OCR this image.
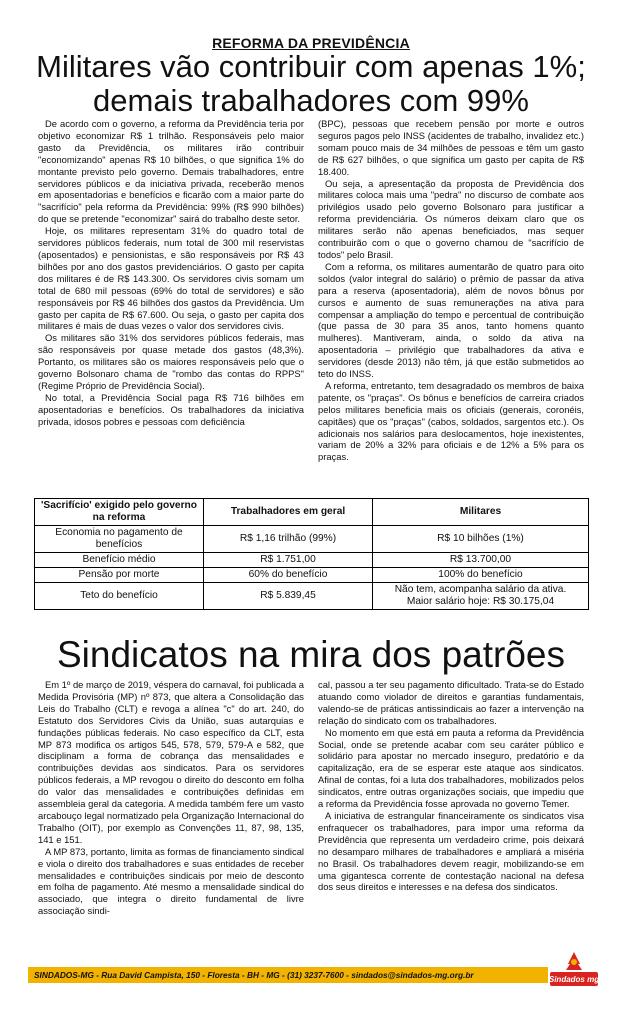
REFORMA DA PREVIDÊNCIA
Militares vão contribuir com apenas 1%; demais trabalhadores com 99%

De acordo com o governo, a reforma da Previdência teria por objetivo economizar R$ 1 trilhão. Responsáveis pelo maior gasto da Previdência, os militares irão contribuir "economizando" apenas R$ 10 bilhões, o que significa 1% do montante previsto pelo governo. Demais trabalhadores, entre servidores públicos e da iniciativa privada, receberão menos em aposentadorias e benefícios e ficarão com a maior parte do "sacrifício" pela reforma da Previdência: 99% (R$ 990 bilhões) do que se pretende "economizar" sairá do trabalho deste setor.

Hoje, os militares representam 31% do quadro total de servidores públicos federais, num total de 300 mil reservistas (aposentados) e pensionistas, e são responsáveis por R$ 43 bilhões por ano dos gastos previdenciários. O gasto per capita dos militares é de R$ 143.300. Os servidores civis somam um total de 680 mil pessoas (69% do total de servidores) e são responsáveis por R$ 46 bilhões dos gastos da Previdência. Um gasto per capita de R$ 67.600. Ou seja, o gasto per capita dos militares é mais de duas vezes o valor dos servidores civis.

Os militares são 31% dos servidores públicos federais, mas são responsáveis por quase metade dos gastos (48,3%). Portanto, os militares são os maiores responsáveis pelo que o governo Bolsonaro chama de "rombo das contas do RPPS" (Regime Próprio de Previdência Social).

No total, a Previdência Social paga R$ 716 bilhões em aposentadorias e benefícios. Os trabalhadores da iniciativa privada, idosos pobres e pessoas com deficiência

(BPC), pessoas que recebem pensão por morte e outros seguros pagos pelo INSS (acidentes de trabalho, invalidez etc.) somam pouco mais de 34 milhões de pessoas e têm um gasto de R$ 627 bilhões, o que significa um gasto per capita de R$ 18.400.

Ou seja, a apresentação da proposta de Previdência dos militares coloca mais uma "pedra" no discurso de combate aos privilégios usado pelo governo Bolsonaro para justificar a reforma previdenciária. Os números deixam claro que os militares serão não apenas beneficiados, mas sequer contribuirão com o que o governo chamou de "sacrifício de todos" pelo Brasil.

Com a reforma, os militares aumentarão de quatro para oito soldos (valor integral do salário) o prêmio de passar da ativa para a reserva (aposentadoria), além de novos bônus por cursos e aumento de suas remunerações na ativa para compensar a ampliação do tempo e percentual de contribuição (que passa de 30 para 35 anos, tanto homens quanto mulheres). Mantiveram, ainda, o soldo da ativa na aposentadoria – privilégio que trabalhadores da ativa e servidores (desde 2013) não têm, já que estão submetidos ao teto do INSS.

A reforma, entretanto, tem desagradado os membros de baixa patente, os "praças". Os bônus e benefícios de carreira criados pelos militares beneficia mais os oficiais (generais, coronéis, capitães) que os "praças" (cabos, soldados, sargentos etc.). Os adicionais nos salários para deslocamentos, hoje inexistentes, variam de 20% a 32% para oficiais e de 12% a 5% para os praças.

'Sacrifício' exigido pelo governo na reforma	Trabalhadores em geral	Militares
Economia no pagamento de benefícios	R$ 1,16 trilhão (99%)	R$ 10 bilhões (1%)
Benefício médio	R$ 1.751,00	R$ 13.700,00
Pensão por morte	60% do benefício	100% do benefício
Teto do benefício	R$ 5.839,45	Não tem, acompanha salário da ativa.
Maior salário hoje: R$ 30.175,04
Sindicatos na mira dos patrões

Em 1º de março de 2019, véspera do carnaval, foi publicada a Medida Provisória (MP) nº 873, que altera a Consolidação das Leis do Trabalho (CLT) e revoga a alínea "c" do art. 240, do Estatuto dos Servidores Civis da União, suas autarquias e fundações públicas federais. No caso específico da CLT, esta MP 873 modifica os artigos 545, 578, 579, 579-A e 582, que disciplinam a forma de cobrança das mensalidades e contribuições devidas aos sindicatos. Para os servidores públicos federais, a MP revogou o direito do desconto em folha do valor das mensalidades e contribuições definidas em assembleia geral da categoria. A medida também fere um vasto arcabouço legal normatizado pela Organização Internacional do Trabalho (OIT), por exemplo as Convenções 11, 87, 98, 135, 141 e 151.

A MP 873, portanto, limita as formas de financiamento sindical e viola o direito dos trabalhadores e suas entidades de receber mensalidades e contribuições sindicais por meio de desconto em folha de pagamento. Até mesmo a mensalidade sindical do associado, que integra o direito fundamental de livre associação sindi-

cal, passou a ter seu pagamento dificultado. Trata-se do Estado atuando como violador de direitos e garantias fundamentais, valendo-se de práticas antissindicais ao fazer a intervenção na relação do sindicato com os trabalhadores.

No momento em que está em pauta a reforma da Previdência Social, onde se pretende acabar com seu caráter público e solidário para apostar no mercado inseguro, predatório e da capitalização, era de se esperar este ataque aos sindicatos. Afinal de contas, foi a luta dos trabalhadores, mobilizados pelos sindicatos, entre outras organizações sociais, que impediu que a reforma da Previdência fosse aprovada no governo Temer.

A iniciativa de estrangular financeiramente os sindicatos visa enfraquecer os trabalhadores, para impor uma reforma da Previdência que representa um verdadeiro crime, pois deixará no desamparo milhares de trabalhadores e ampliará a miséria no Brasil. Os trabalhadores devem reagir, mobilizando-se em uma gigantesca corrente de contestação nacional na defesa dos seus direitos e interesses e na defesa dos sindicatos.

SINDADOS-MG - Rua David Campista, 150 - Floresta - BH - MG - (31) 3237-7600 - sindados@sindados-mg.org.br	Sindados mg
